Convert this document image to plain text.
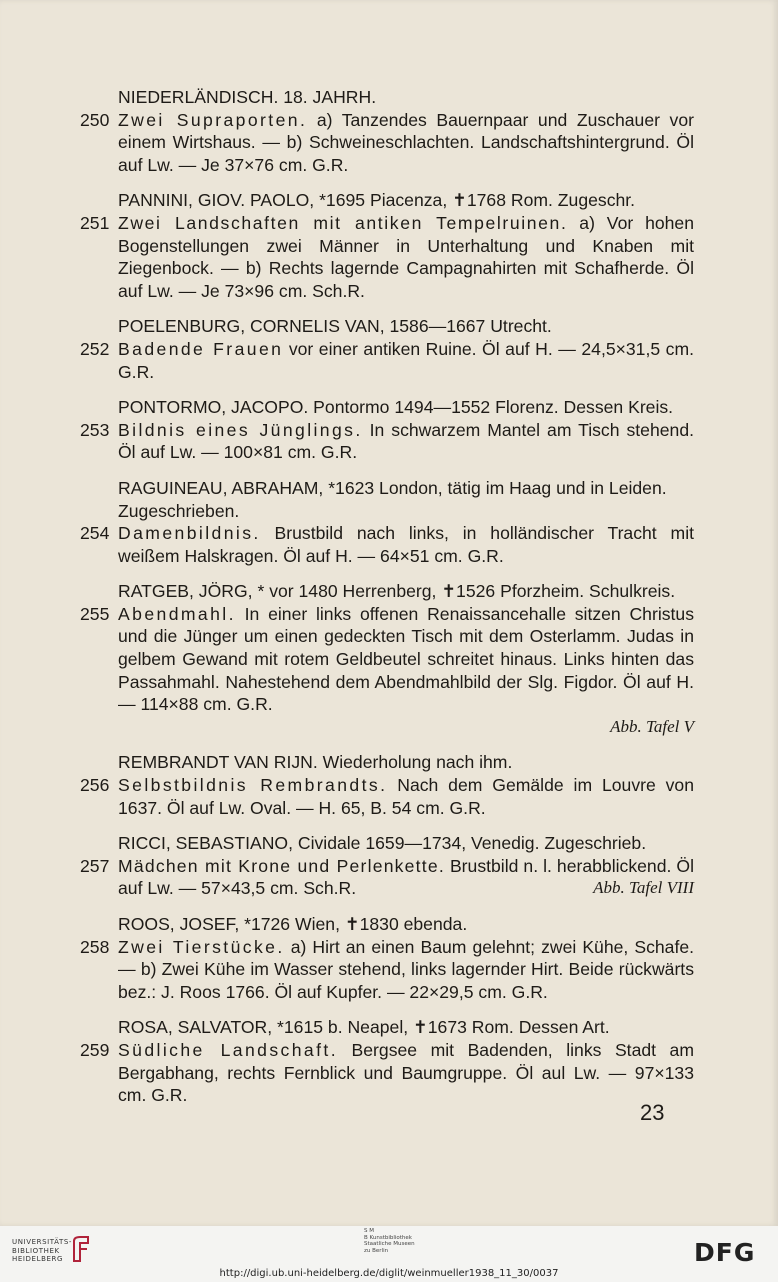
NIEDERLÄNDISCH. 18. JAHRH.
250 Zwei Supraporten. a) Tanzendes Bauernpaar und Zuschauer vor einem Wirtshaus. — b) Schweineschlachten. Landschaftshintergrund. Öl auf Lw. — Je 37×76 cm. G.R.
PANNINI, GIOV. PAOLO, *1695 Piacenza, ✝1768 Rom. Zugeschr.
251 Zwei Landschaften mit antiken Tempelruinen. a) Vor hohen Bogenstellungen zwei Männer in Unterhaltung und Knaben mit Ziegenbock. — b) Rechts lagernde Campagnahirten mit Schafherde. Öl auf Lw. — Je 73×96 cm. Sch.R.
POELENBURG, CORNELIS VAN, 1586—1667 Utrecht.
252 Badende Frauen vor einer antiken Ruine. Öl auf H. — 24,5×31,5 cm. G.R.
PONTORMO, JACOPO. Pontormo 1494—1552 Florenz. Dessen Kreis.
253 Bildnis eines Jünglings. In schwarzem Mantel am Tisch stehend. Öl auf Lw. — 100×81 cm. G.R.
RAGUINEAU, ABRAHAM, *1623 London, tätig im Haag und in Leiden. Zugeschrieben.
254 Damenbildnis. Brustbild nach links, in holländischer Tracht mit weißem Halskragen. Öl auf H. — 64×51 cm. G.R.
RATGEB, JÖRG, * vor 1480 Herrenberg, ✝1526 Pforzheim. Schulkreis.
255 Abendmahl. In einer links offenen Renaissancehalle sitzen Christus und die Jünger um einen gedeckten Tisch mit dem Osterlamm. Judas in gelbem Gewand mit rotem Geldbeutel schreitet hinaus. Links hinten das Passahmahl. Nahestehend dem Abendmahlbild der Slg. Figdor. Öl auf H. — 114×88 cm. G.R.
Abb. Tafel V
REMBRANDT VAN RIJN. Wiederholung nach ihm.
256 Selbstbildnis Rembrandts. Nach dem Gemälde im Louvre von 1637. Öl auf Lw. Oval. — H. 65, B. 54 cm. G.R.
RICCI, SEBASTIANO, Cividale 1659—1734, Venedig. Zugeschrieb.
257 Mädchen mit Krone und Perlenkette. Brustbild n. l. herabblickend. Öl auf Lw. — 57×43,5 cm. Sch.R.	Abb. Tafel VIII
ROOS, JOSEF, *1726 Wien, ✝1830 ebenda.
258 Zwei Tierstücke. a) Hirt an einen Baum gelehnt; zwei Kühe, Schafe. — b) Zwei Kühe im Wasser stehend, links lagernder Hirt. Beide rückwärts bez.: J. Roos 1766. Öl auf Kupfer. — 22×29,5 cm. G.R.
ROSA, SALVATOR, *1615 b. Neapel, ✝1673 Rom. Dessen Art.
259 Südliche Landschaft. Bergsee mit Badenden, links Stadt am Bergabhang, rechts Fernblick und Baumgruppe. Öl aul Lw. — 97×133 cm. G.R.
23
UNIVERSITÄTS-
BIBLIOTHEK
HEIDELBERG
S M
B Kunstbibliothek
Staatliche Museen
zu Berlin	DFG
http://digi.ub.uni-heidelberg.de/diglit/weinmueller1938_11_30/0037
